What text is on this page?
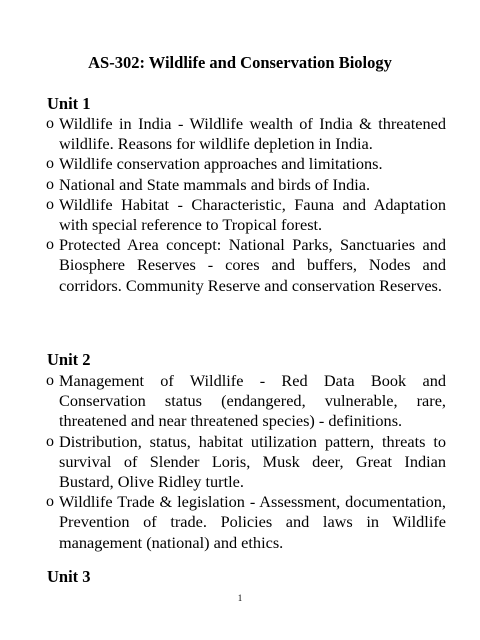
AS-302: Wildlife and Conservation Biology
Unit 1
o Wildlife in India - Wildlife wealth of India & threatened wildlife. Reasons for wildlife depletion in India.
o Wildlife conservation approaches and limitations.
o National and State mammals and birds of India.
o Wildlife Habitat - Characteristic, Fauna and Adaptation with special reference to Tropical forest.
o Protected Area concept: National Parks, Sanctuaries and Biosphere Reserves - cores and buffers, Nodes and corridors. Community Reserve and conservation Reserves.
Unit 2
o Management of Wildlife - Red Data Book and Conservation status (endangered, vulnerable, rare, threatened and near threatened species) - definitions.
o Distribution, status, habitat utilization pattern, threats to survival of Slender Loris, Musk deer, Great Indian Bustard, Olive Ridley turtle.
o Wildlife Trade & legislation - Assessment, documentation, Prevention of trade. Policies and laws in Wildlife management (national) and ethics.
Unit 3
1
